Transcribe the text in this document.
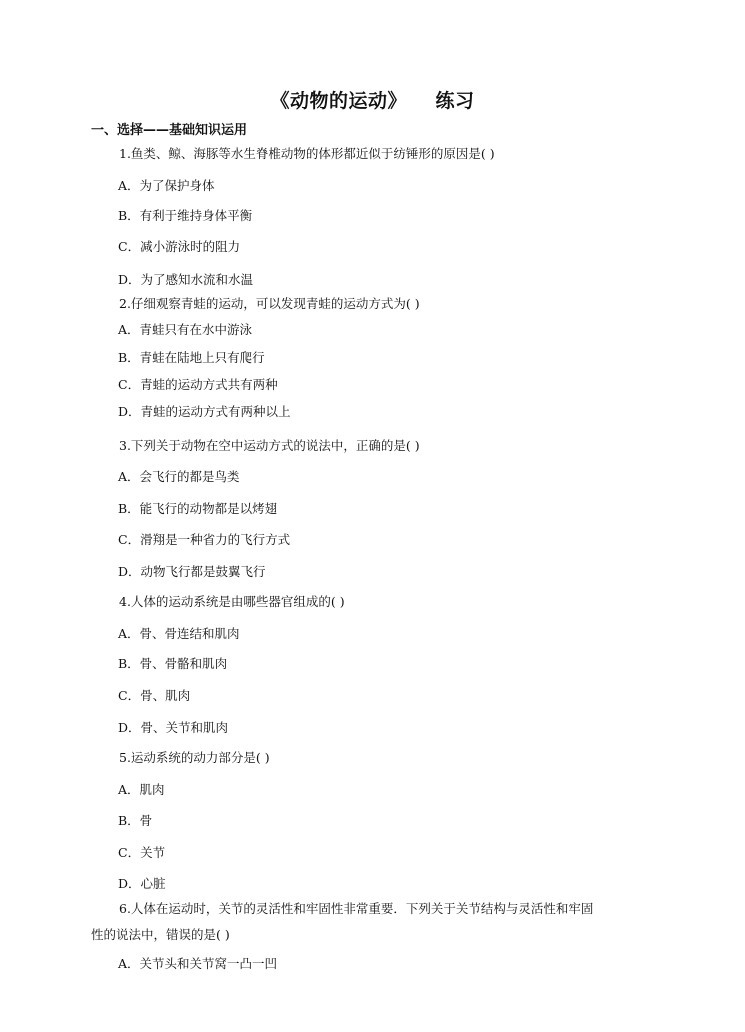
《动物的运动》    练习
一、选择——基础知识运用
1.鱼类、鲸、海豚等水生脊椎动物的体形都近似于纺锤形的原因是( )
A．为了保护身体
B．有利于维持身体平衡
C．减小游泳时的阻力
D．为了感知水流和水温
2.仔细观察青蛙的运动，可以发现青蛙的运动方式为( )
A．青蛙只有在水中游泳
B．青蛙在陆地上只有爬行
C．青蛙的运动方式共有两种
D．青蛙的运动方式有两种以上
3.下列关于动物在空中运动方式的说法中，正确的是( )
A．会飞行的都是鸟类
B．能飞行的动物都是以烤翅
C．滑翔是一种省力的飞行方式
D．动物飞行都是鼓翼飞行
4.人体的运动系统是由哪些器官组成的( )
A．骨、骨连结和肌肉
B．骨、骨骼和肌肉
C．骨、肌肉
D．骨、关节和肌肉
5.运动系统的动力部分是( )
A．肌肉
B．骨
C．关节
D．心脏
6.人体在运动时，关节的灵活性和牢固性非常重要．下列关于关节结构与灵活性和牢固
性的说法中，错误的是( )
A．关节头和关节窝一凸一凹
